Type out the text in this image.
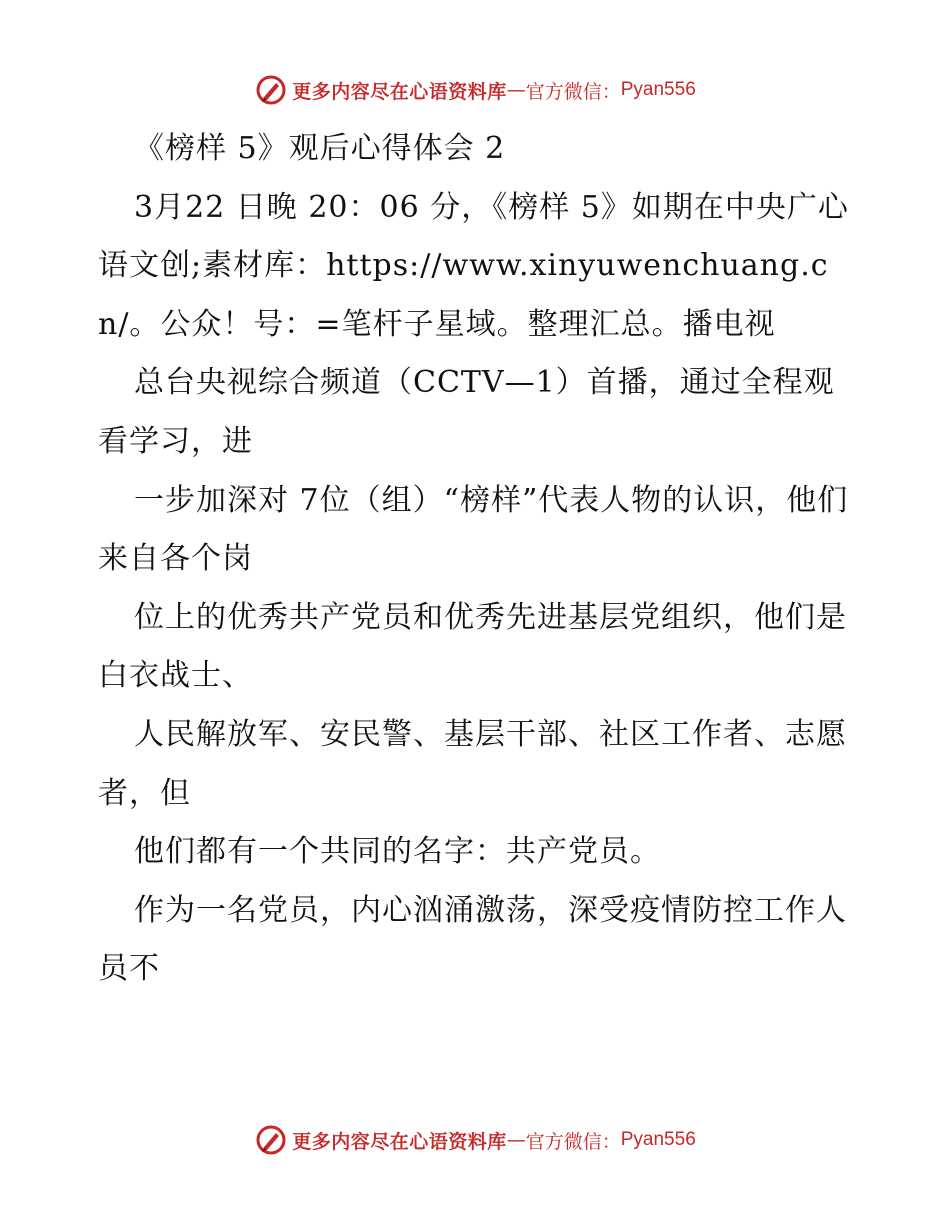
更多内容尽在心语资料库 — 官方微信： Pyan556

《榜样 5》观后心得体会 2

3月22 日晚 20：06 分，《榜样 5》如期在中央广心语文创;素材库：https://www.xinyuwenchuang.cn/。公众！号：=笔杆子星域。整理汇总。播电视

总台央视综合频道（CCTV—1）首播，通过全程观看学习，进

一步加深对 7位（组）“榜样”代表人物的认识，他们来自各个岗

位上的优秀共产党员和优秀先进基层党组织，他们是白衣战士、

人民解放军、安民警、基层干部、社区工作者、志愿者，但

他们都有一个共同的名字：共产党员。

作为一名党员，内心汹涌激荡，深受疫情防控工作人员不

更多内容尽在心语资料库 — 官方微信： Pyan556
